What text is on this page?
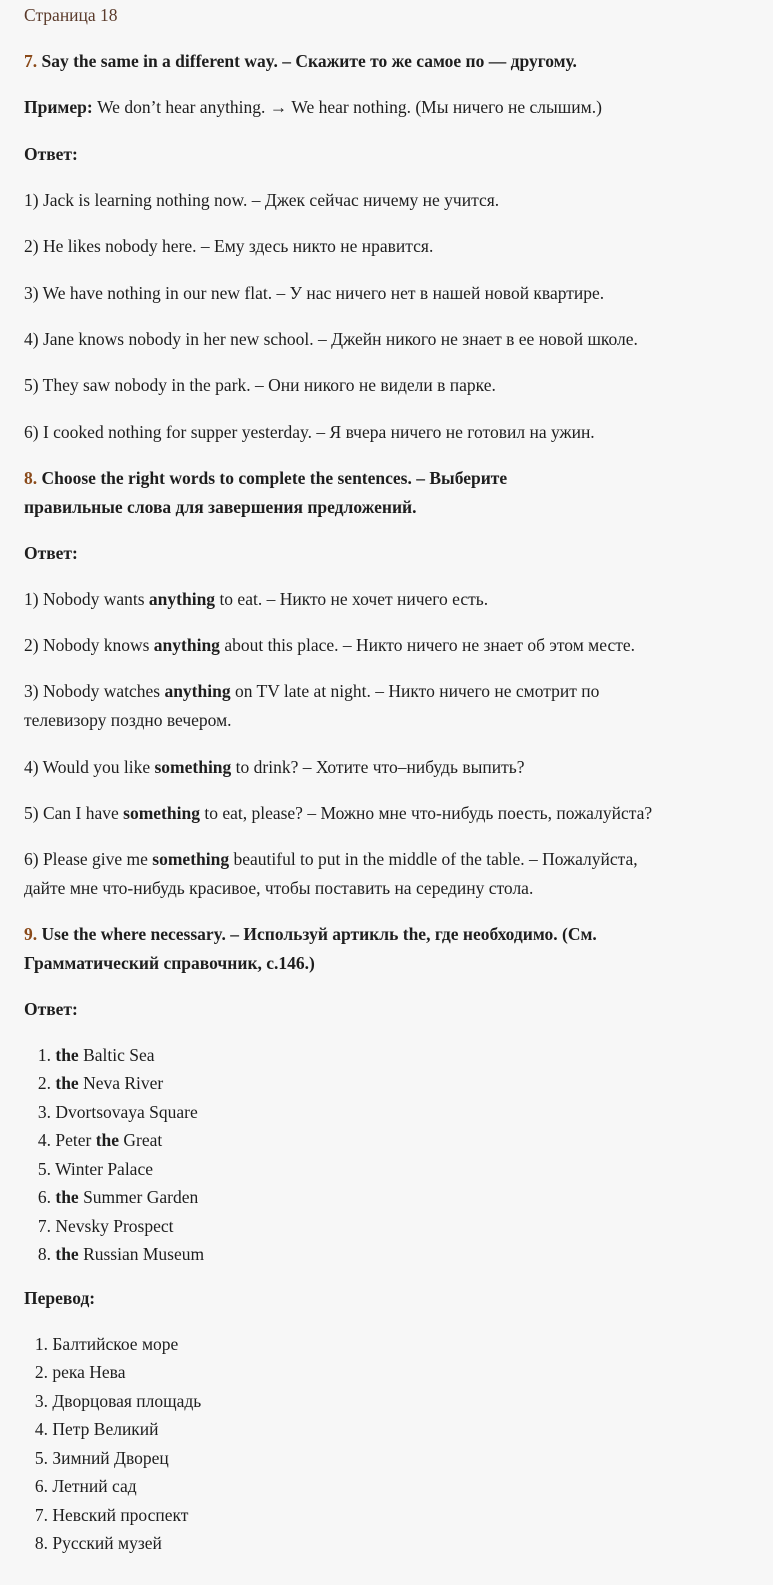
Страница 18
7. Say the same in a different way. – Скажите то же самое по — другому.
Пример: We don’t hear anything. → We hear nothing. (Мы ничего не слышим.)
Ответ:
1) Jack is learning nothing now. – Джек сейчас ничему не учится.
2) He likes nobody here. – Ему здесь никто не нравится.
3) We have nothing in our new flat. – У нас ничего нет в нашей новой квартире.
4) Jane knows nobody in her new school. – Джейн никого не знает в ее новой школе.
5) They saw nobody in the park. – Они никого не видели в парке.
6) I cooked nothing for supper yesterday. – Я вчера ничего не готовил на ужин.
8. Choose the right words to complete the sentences. – Выберите
правильные слова для завершения предложений.
Ответ:
1) Nobody wants anything to eat. – Никто не хочет ничего есть.
2) Nobody knows anything about this place. – Никто ничего не знает об этом месте.
3) Nobody watches anything on TV late at night. – Никто ничего не смотрит по
телевизору поздно вечером.
4) Would you like something to drink? – Хотите что–нибудь выпить?
5) Can I have something to eat, please? – Можно мне что-нибудь поесть, пожалуйста?
6) Please give me something beautiful to put in the middle of the table. – Пожалуйста,
дайте мне что-нибудь красивое, чтобы поставить на середину стола.
9. Use the where necessary. – Используй артикль the, где необходимо. (См.
Грамматический справочник, с.146.)
Ответ:
1. the Baltic Sea
2. the Neva River
3. Dvortsovaya Square
4. Peter the Great
5. Winter Palace
6. the Summer Garden
7. Nevsky Prospect
8. the Russian Museum
Перевод:
1. Балтийское море
2. река Нева
3. Дворцовая площадь
4. Петр Великий
5. Зимний Дворец
6. Летний сад
7. Невский проспект
8. Русский музей
